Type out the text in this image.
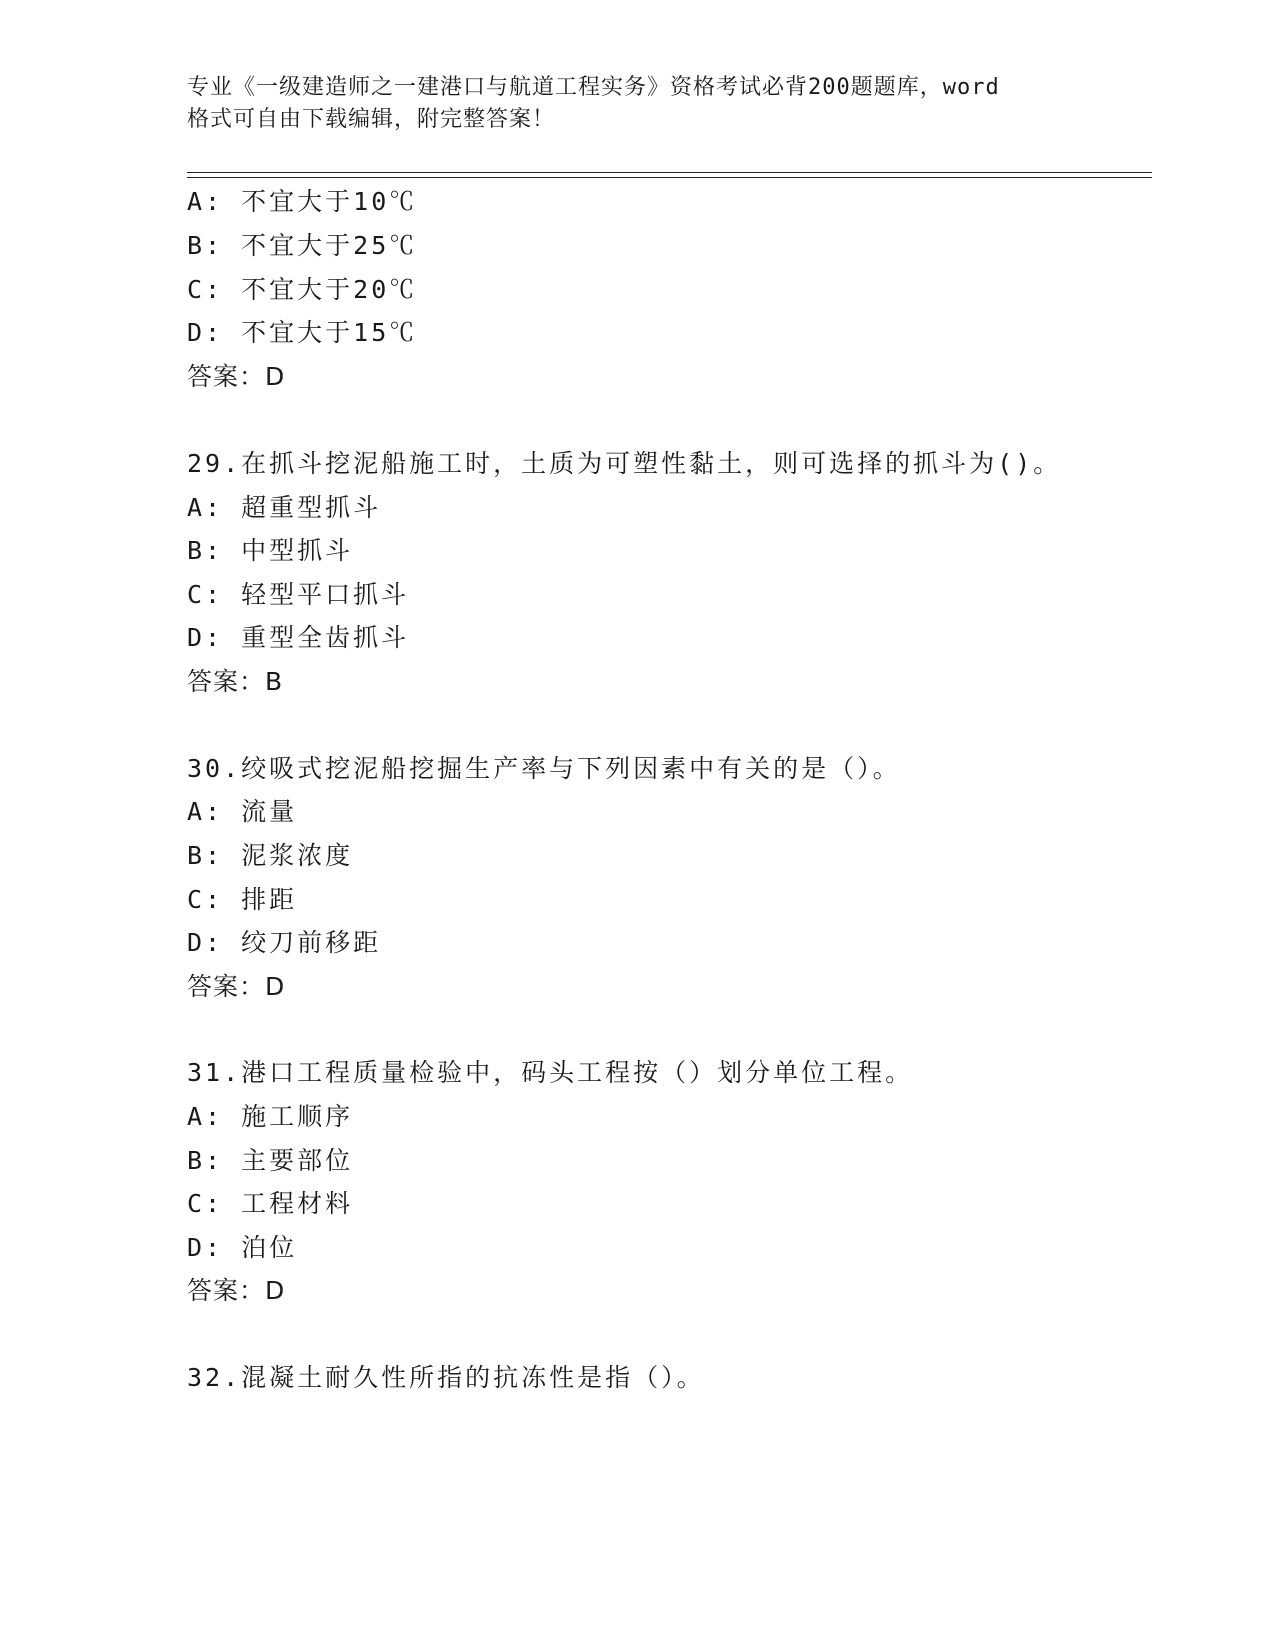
专业《一级建造师之一建港口与航道工程实务》资格考试必背200题题库，word
格式可自由下载编辑，附完整答案！
A: 不宜大于10℃
B: 不宜大于25℃
C: 不宜大于20℃
D: 不宜大于15℃
答案：D
29.在抓斗挖泥船施工时，土质为可塑性黏土，则可选择的抓斗为()。
A: 超重型抓斗
B: 中型抓斗
C: 轻型平口抓斗
D: 重型全齿抓斗
答案：B
30.绞吸式挖泥船挖掘生产率与下列因素中有关的是（）。
A: 流量
B: 泥浆浓度
C: 排距
D: 绞刀前移距
答案：D
31.港口工程质量检验中，码头工程按（）划分单位工程。
A: 施工顺序
B: 主要部位
C: 工程材料
D: 泊位
答案：D
32.混凝土耐久性所指的抗冻性是指（）。
